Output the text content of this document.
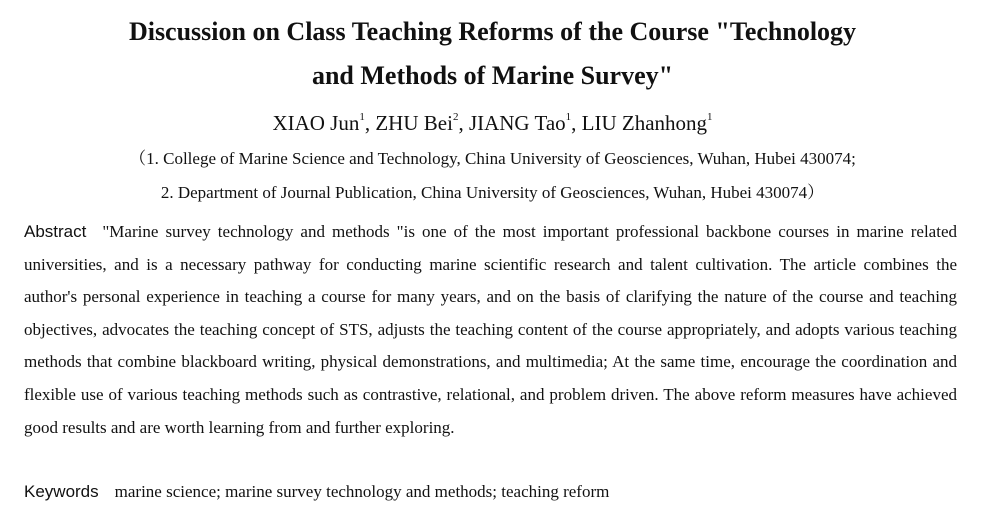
Discussion on Class Teaching Reforms of the Course "Technology
and Methods of Marine Survey"
XIAO Jun$^1$, ZHU Bei$^2$, JIANG Tao$^1$, LIU Zhanhong$^1$
（1. College of Marine Science and Technology, China University of Geosciences, Wuhan, Hubei 430074;
2. Department of Journal Publication, China University of Geosciences, Wuhan, Hubei 430074）
Abstract "Marine survey technology and methods "is one of the most important professional backbone courses in marine related universities, and is a necessary pathway for conducting marine scientific research and talent cultivation. The article combines the author's personal experience in teaching a course for many years, and on the basis of clarifying the nature of the course and teaching objectives, advocates the teaching concept of STS, adjusts the teaching content of the course appropriately, and adopts various teaching methods that combine blackboard writing, physical demonstrations, and multimedia; At the same time, encourage the coordination and flexible use of various teaching methods such as contrastive, relational, and problem driven. The above reform measures have achieved good results and are worth learning from and further exploring.
Keywords marine science; marine survey technology and methods; teaching reform
